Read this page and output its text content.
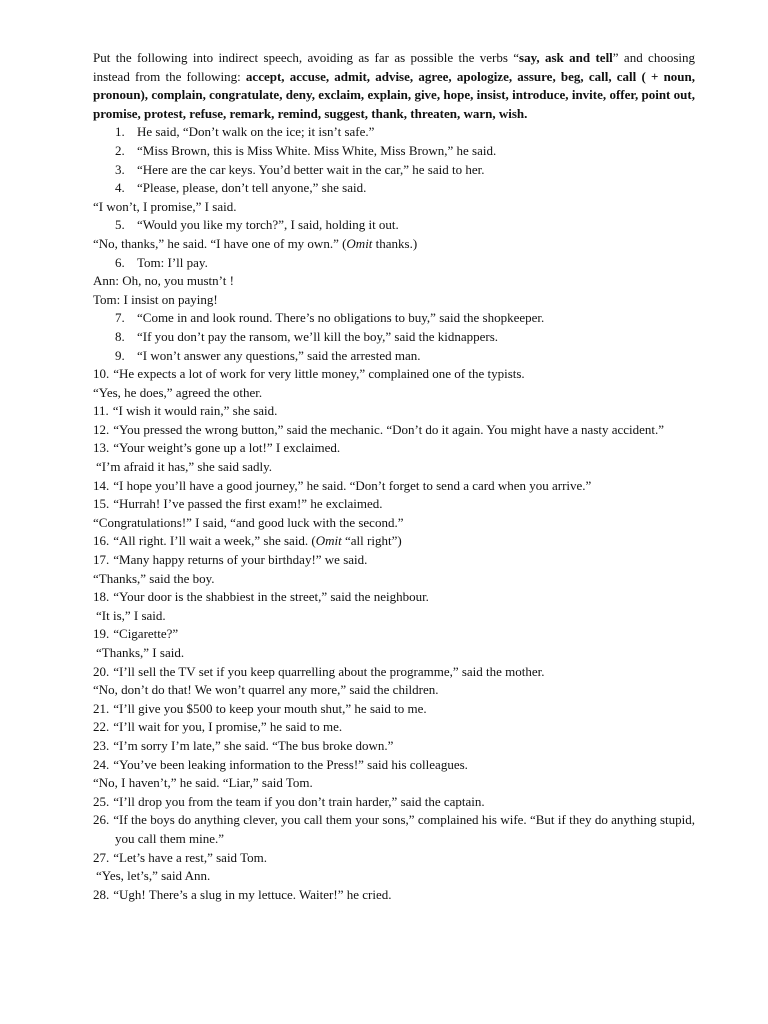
Put the following into indirect speech, avoiding as far as possible the verbs “say, ask and tell” and choosing instead from the following: accept, accuse, admit, advise, agree, apologize, assure, beg, call, call ( + noun, pronoun), complain, congratulate, deny, exclaim, explain, give, hope, insist, introduce, invite, offer, point out, promise, protest, refuse, remark, remind, suggest, thank, threaten, warn, wish.

1. He said, “Don’t walk on the ice; it isn’t safe.”

2. “Miss Brown, this is Miss White. Miss White, Miss Brown,” he said.

3. “Here are the car keys. You’d better wait in the car,” he said to her.

4. “Please, please, don’t tell anyone,” she said.

“I won’t, I promise,” I said.

5. “Would you like my torch?”, I said, holding it out.

“No, thanks,” he said. “I have one of my own.” (Omit thanks.)

6. Tom: I’ll pay.

Ann: Oh, no, you mustn’t !

Tom: I insist on paying!

7. “Come in and look round. There’s no obligations to buy,” said the shopkeeper.

8. “If you don’t pay the ransom, we’ll kill the boy,” said the kidnappers.

9. “I won’t answer any questions,” said the arrested man.

10. “He expects a lot of work for very little money,” complained one of the typists.

“Yes, he does,” agreed the other.

11. “I wish it would rain,” she said.

12. “You pressed the wrong button,” said the mechanic. “Don’t do it again. You might have a nasty accident.”

13. “Your weight’s gone up a lot!” I exclaimed.

“I’m afraid it has,” she said sadly.

14. “I hope you’ll have a good journey,” he said. “Don’t forget to send a card when you arrive.”

15. “Hurrah! I’ve passed the first exam!” he exclaimed.

“Congratulations!” I said, “and good luck with the second.”

16. “All right. I’ll wait a week,” she said. (Omit “all right”)

17. “Many happy returns of your birthday!” we said.

“Thanks,” said the boy.

18. “Your door is the shabbiest in the street,” said the neighbour.

“It is,” I said.

19. “Cigarette?”

“Thanks,” I said.

20. “I’ll sell the TV set if you keep quarrelling about the programme,” said the mother.

“No, don’t do that! We won’t quarrel any more,” said the children.

21. “I’ll give you $500 to keep your mouth shut,” he said to me.

22. “I’ll wait for you, I promise,” he said to me.

23. “I’m sorry I’m late,” she said. “The bus broke down.”

24. “You’ve been leaking information to the Press!” said his colleagues.

“No, I haven’t,” he said. “Liar,” said Tom.

25. “I’ll drop you from the team if you don’t train harder,” said the captain.

26. “If the boys do anything clever, you call them your sons,” complained his wife. “But if they do anything stupid, you call them mine.”

27. “Let’s have a rest,” said Tom.

“Yes, let’s,” said Ann.

28. “Ugh! There’s a slug in my lettuce. Waiter!” he cried.
